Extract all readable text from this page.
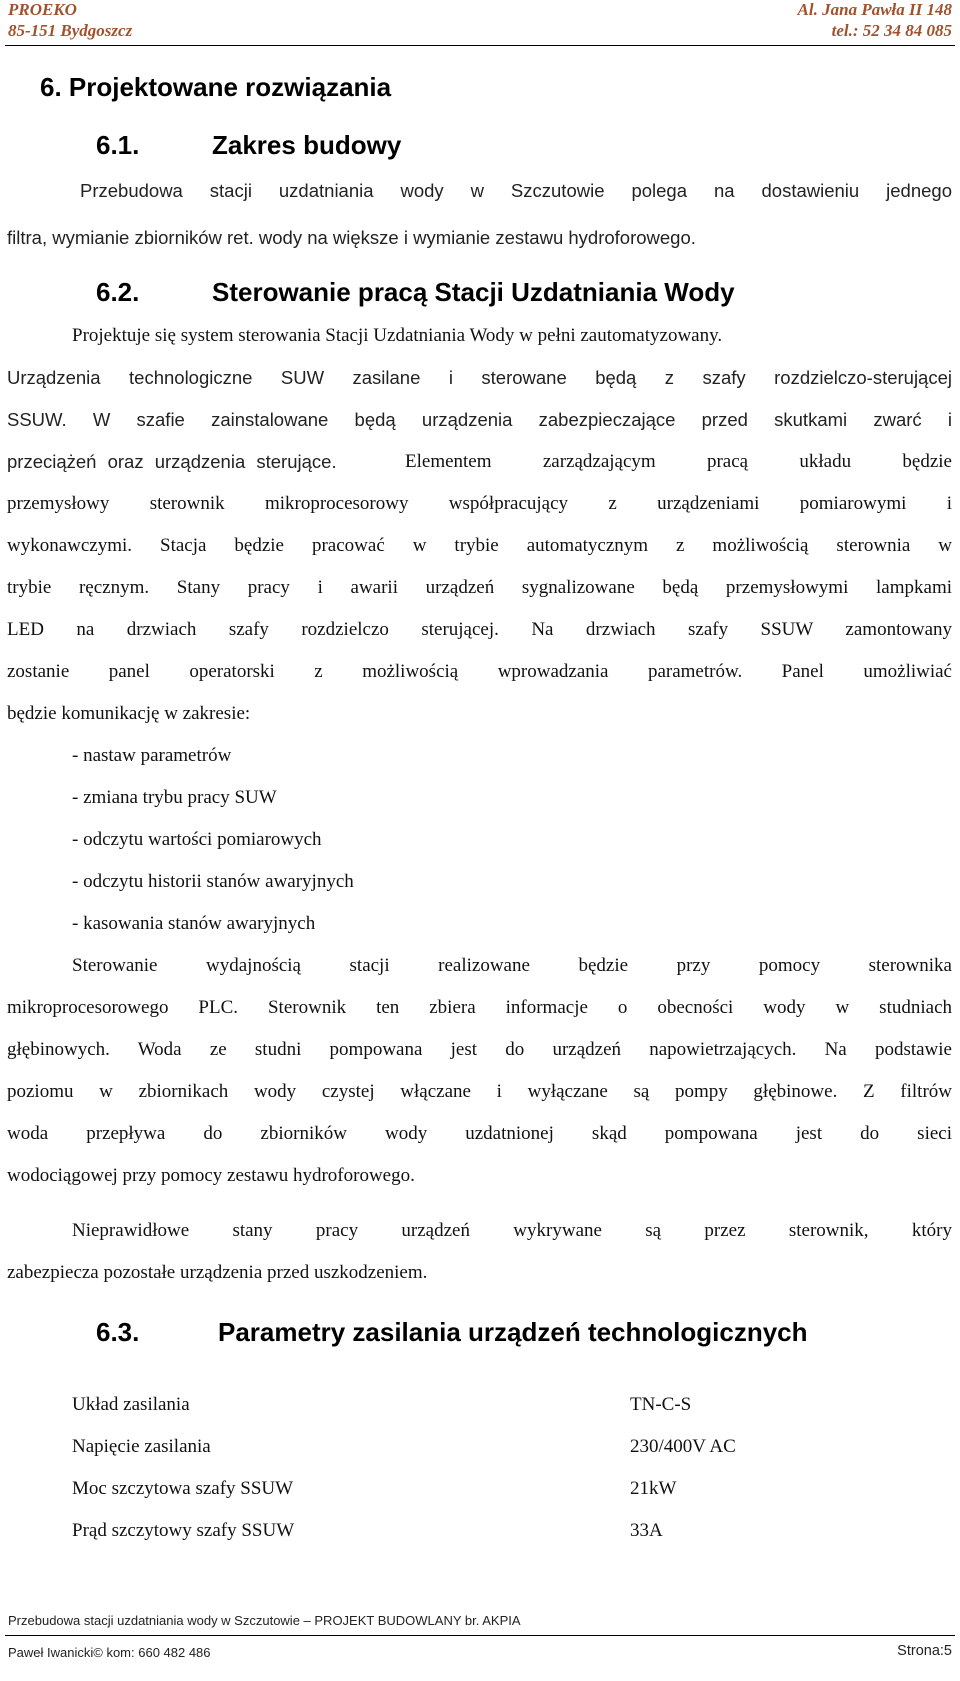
PROEKO
85-151 Bydgoszcz
Al. Jana Pawła II 148
tel.: 52 34 84 085
6. Projektowane rozwiązania
6.1.	Zakres budowy
Przebudowa stacji uzdatniania wody w Szczutowie polega na dostawieniu jednego
filtra, wymianie zbiorników ret. wody na większe i wymianie zestawu hydroforowego.
6.2.	Sterowanie pracą Stacji Uzdatniania Wody
Projektuje się system sterowania Stacji Uzdatniania Wody w pełni zautomatyzowany.
Urządzenia technologiczne SUW zasilane i sterowane będą z szafy rozdzielczo-sterującej
SSUW. W szafie zainstalowane będą urządzenia zabezpieczające przed skutkami zwarć i
przeciążeń oraz urządzenia sterujące.	Elementem zarządzającym pracą układu będzie
przemysłowy sterownik mikroprocesorowy współpracujący z urządzeniami pomiarowymi i
wykonawczymi. Stacja będzie pracować w trybie automatycznym z możliwością sterownia w
trybie ręcznym. Stany pracy i awarii urządzeń sygnalizowane będą przemysłowymi lampkami
LED na drzwiach szafy rozdzielczo sterującej. Na drzwiach szafy SSUW zamontowany
zostanie panel operatorski z możliwością wprowadzania parametrów. Panel umożliwiać
będzie komunikację w zakresie:
- nastaw parametrów
- zmiana trybu pracy SUW
- odczytu wartości pomiarowych
- odczytu historii stanów awaryjnych
- kasowania stanów awaryjnych
Sterowanie wydajnością stacji realizowane będzie przy pomocy sterownika
mikroprocesorowego PLC. Sterownik ten zbiera informacje o obecności wody w studniach
głębinowych. Woda ze studni pompowana jest do urządzeń napowietrzających. Na podstawie
poziomu w zbiornikach wody czystej włączane i wyłączane są pompy głębinowe. Z filtrów
woda przepływa do zbiorników wody uzdatnionej skąd pompowana jest do sieci
wodociągowej przy pomocy zestawu hydroforowego.
Nieprawidłowe stany pracy urządzeń wykrywane są przez sterownik, który
zabezpiecza pozostałe urządzenia przed uszkodzeniem.
6.3.	Parametry zasilania urządzeń technologicznych
Układ zasilania	TN-C-S
Napięcie zasilania	230/400V AC
Moc szczytowa szafy SSUW	21kW
Prąd szczytowy szafy SSUW	33A
Przebudowa stacji uzdatniania wody w Szczutowie – PROJEKT BUDOWLANY br. AKPIA
Paweł Iwanicki© kom: 660 482 486	Strona:5
